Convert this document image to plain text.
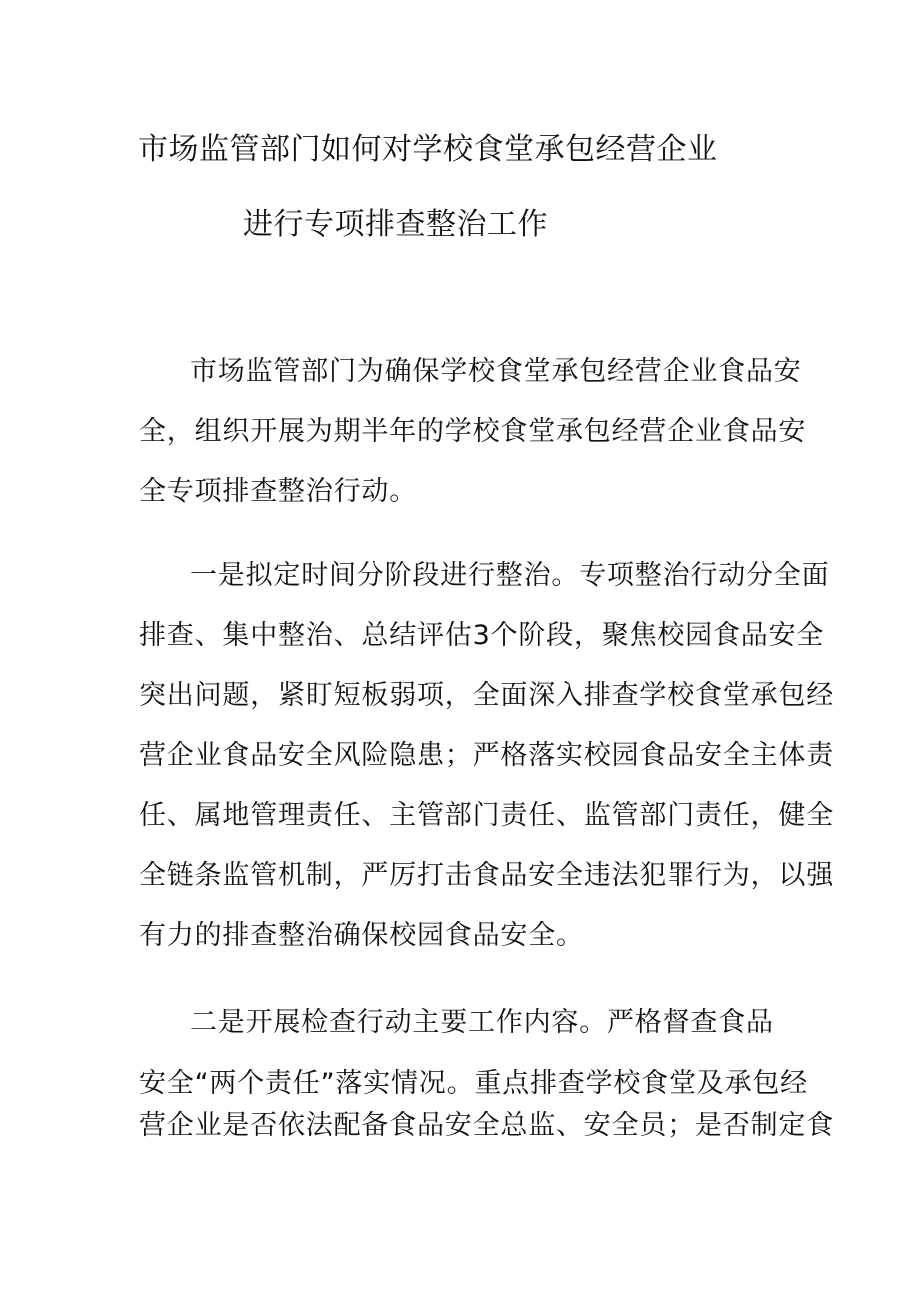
市场监管部门如何对学校食堂承包经营企业
进行专项排查整治工作
市场监管部门为确保学校食堂承包经营企业食品安
全，组织开展为期半年的学校食堂承包经营企业食品安
全专项排查整治行动。
一是拟定时间分阶段进行整治。专项整治行动分全面
排查、集中整治、总结评估3个阶段，聚焦校园食品安全
突出问题，紧盯短板弱项，全面深入排查学校食堂承包经
营企业食品安全风险隐患；严格落实校园食品安全主体责
任、属地管理责任、主管部门责任、监管部门责任，健全
全链条监管机制，严厉打击食品安全违法犯罪行为，以强
有力的排查整治确保校园食品安全。
二是开展检查行动主要工作内容。严格督查食品
安全“两个责任”落实情况。重点排查学校食堂及承包经
营企业是否依法配备食品安全总监、安全员；是否制定食
